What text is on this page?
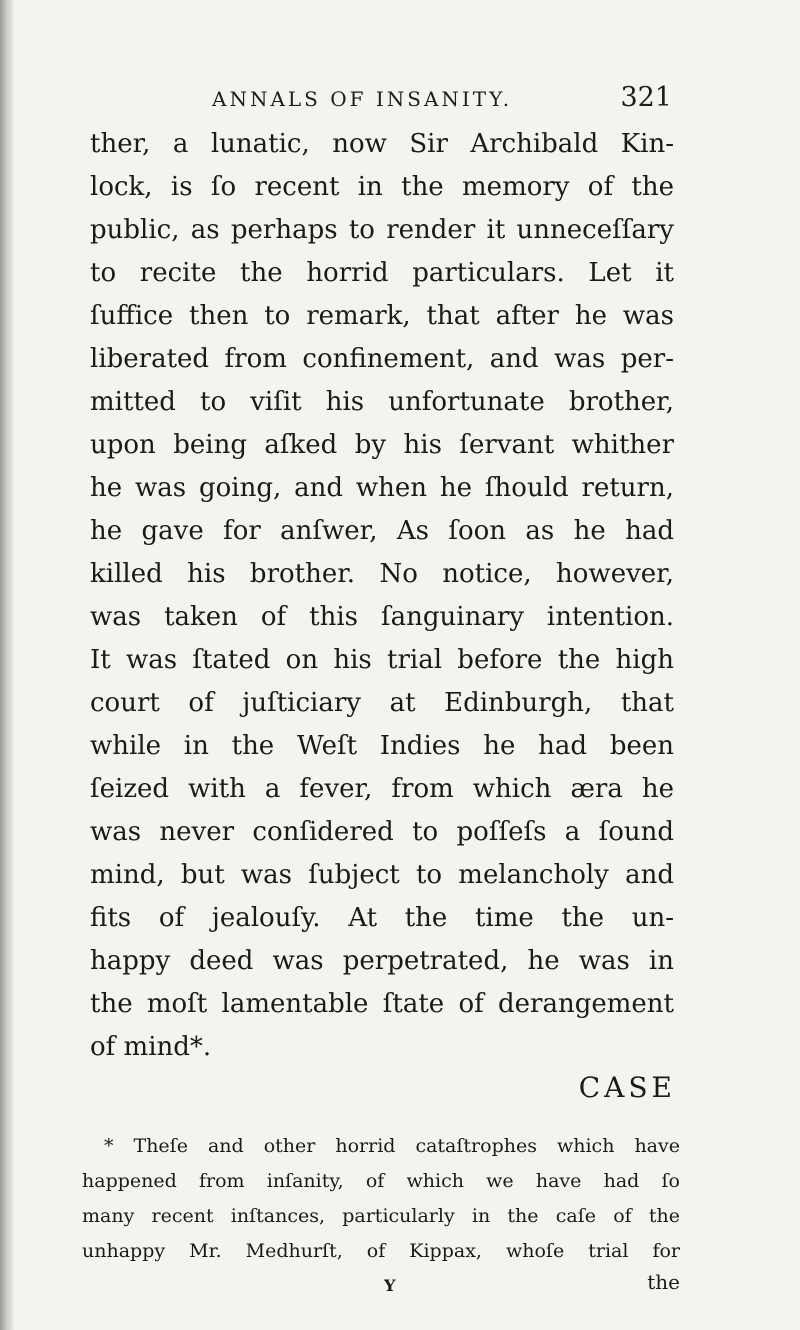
ANNALS OF INSANITY.	321
ther, a lunatic, now Sir Archibald Kin-
lock, is ſo recent in the memory of the
public, as perhaps to render it unneceſſary
to recite the horrid particulars. Let it
ſuffice then to remark, that after he was
liberated from confinement, and was per-
mitted to viſit his unfortunate brother,
upon being aſked by his ſervant whither
he was going, and when he ſhould return,
he gave for anſwer, As ſoon as he had
killed his brother. No notice, however,
was taken of this ſanguinary intention.
It was ſtated on his trial before the high
court of juſticiary at Edinburgh, that
while in the Weſt Indies he had been
ſeized with a fever, from which æra he
was never conſidered to poſſeſs a ſound
mind, but was ſubject to melancholy and
fits of jealouſy. At the time the un-
happy deed was perpetrated, he was in
the moſt lamentable ſtate of derangement
of mind*.
CASE
* Theſe and other horrid cataſtrophes which have
happened from inſanity, of which we have had ſo
many recent inſtances, particularly in the caſe of the
unhappy Mr. Medhurſt, of Kippax, whoſe trial for
Y	the
